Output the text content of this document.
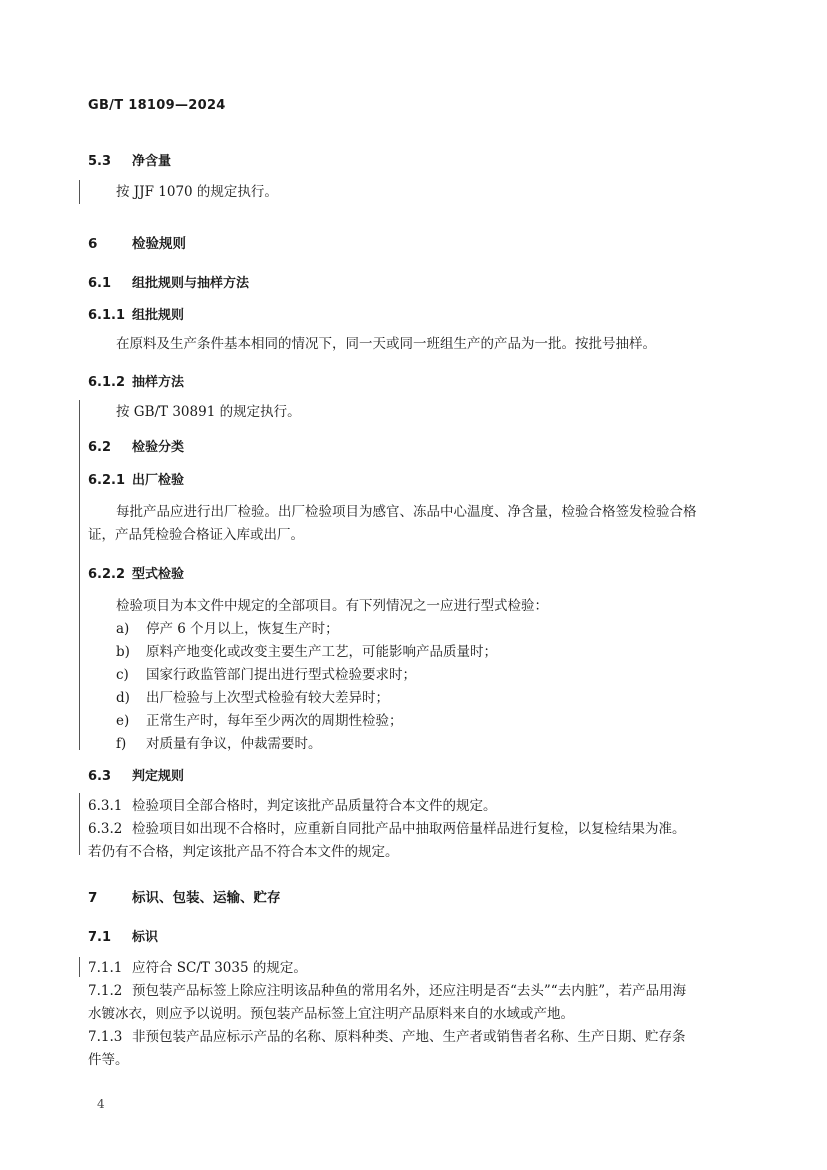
GB/T 18109—2024
5.3 净含量
按 JJF 1070 的规定执行。
6	检验规则
6.1 组批规则与抽样方法
6.1.1 组批规则
在原料及生产条件基本相同的情况下，同一天或同一班组生产的产品为一批。按批号抽样。
6.1.2 抽样方法
按 GB/T 30891 的规定执行。
6.2 检验分类
6.2.1 出厂检验
每批产品应进行出厂检验。出厂检验项目为感官、冻品中心温度、净含量，检验合格签发检验合格
证，产品凭检验合格证入库或出厂。
6.2.2 型式检验
检验项目为本文件中规定的全部项目。有下列情况之一应进行型式检验：
a) 停产 6 个月以上，恢复生产时；
b) 原料产地变化或改变主要生产工艺，可能影响产品质量时；
c) 国家行政监管部门提出进行型式检验要求时；
d) 出厂检验与上次型式检验有较大差异时；
e) 正常生产时，每年至少两次的周期性检验；
f) 对质量有争议，仲裁需要时。
6.3 判定规则
6.3.1 检验项目全部合格时，判定该批产品质量符合本文件的规定。
6.3.2 检验项目如出现不合格时，应重新自同批产品中抽取两倍量样品进行复检，以复检结果为准。
若仍有不合格，判定该批产品不符合本文件的规定。
7	标识、包装、运输、贮存
7.1 标识
7.1.1 应符合 SC/T 3035 的规定。
7.1.2 预包装产品标签上除应注明该品种鱼的常用名外，还应注明是否“去头”“去内脏”，若产品用海
水镀冰衣，则应予以说明。预包装产品标签上宜注明产品原料来自的水域或产地。
7.1.3 非预包装产品应标示产品的名称、原料种类、产地、生产者或销售者名称、生产日期、贮存条
件等。
4
